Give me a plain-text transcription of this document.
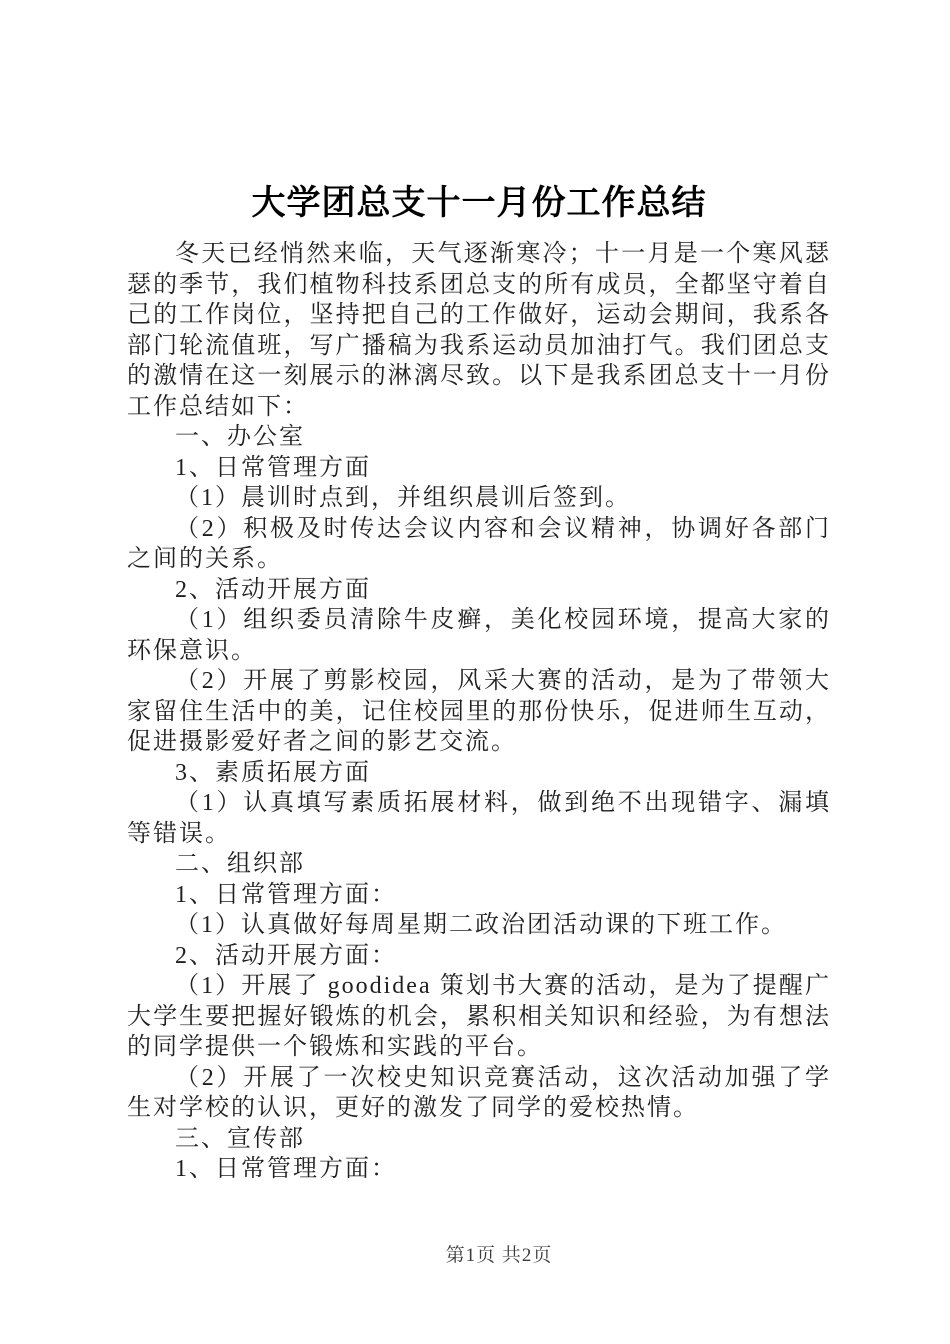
大学团总支十一月份工作总结

冬天已经悄然来临，天气逐渐寒冷；十一月是一个寒风瑟瑟的季节，我们植物科技系团总支的所有成员，全都坚守着自己的工作岗位，坚持把自己的工作做好，运动会期间，我系各部门轮流值班，写广播稿为我系运动员加油打气。我们团总支的激情在这一刻展示的淋漓尽致。以下是我系团总支十一月份工作总结如下：

一、办公室

1、日常管理方面

（1）晨训时点到，并组织晨训后签到。

（2）积极及时传达会议内容和会议精神，协调好各部门之间的关系。

2、活动开展方面

（1）组织委员清除牛皮癣，美化校园环境，提高大家的环保意识。

（2）开展了剪影校园，风采大赛的活动，是为了带领大家留住生活中的美，记住校园里的那份快乐，促进师生互动，促进摄影爱好者之间的影艺交流。

3、素质拓展方面

（1）认真填写素质拓展材料，做到绝不出现错字、漏填等错误。

二、组织部

1、日常管理方面：

（1）认真做好每周星期二政治团活动课的下班工作。

2、活动开展方面：

（1）开展了 goodidea 策划书大赛的活动，是为了提醒广大学生要把握好锻炼的机会，累积相关知识和经验，为有想法的同学提供一个锻炼和实践的平台。

（2）开展了一次校史知识竞赛活动，这次活动加强了学生对学校的认识，更好的激发了同学的爱校热情。

三、宣传部

1、日常管理方面：

第1页 共2页
